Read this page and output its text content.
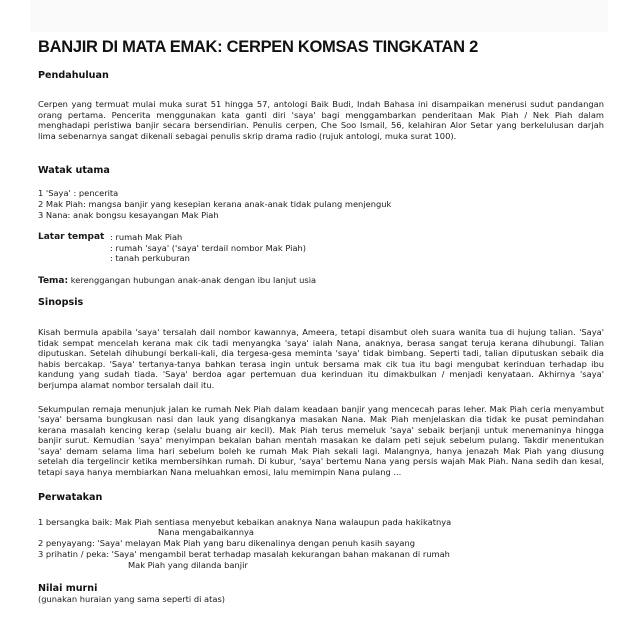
BANJIR DI MATA EMAK: CERPEN KOMSAS TINGKATAN 2

Pendahuluan

Cerpen yang termuat mulai muka surat 51 hingga 57, antologi Baik Budi, Indah Bahasa ini disampaikan menerusi sudut pandangan orang pertama. Pencerita menggunakan kata ganti diri 'saya' bagi menggambarkan penderitaan Mak Piah / Nek Piah dalam menghadapi peristiwa banjir secara bersendirian. Penulis cerpen, Che Soo Ismail, 56, kelahiran Alor Setar yang berkelulusan darjah lima sebenarnya sangat dikenali sebagai penulis skrip drama radio (rujuk antologi, muka surat 100).

Watak utama

1 'Saya' : pencerita

2 Mak Piah: mangsa banjir yang kesepian kerana anak-anak tidak pulang menjenguk

3 Nana: anak bongsu kesayangan Mak Piah

Latar tempat : rumah Mak Piah
: rumah 'saya' ('saya' terdail nombor Mak Piah)
: tanah perkuburan

Tema: kerenggangan hubungan anak-anak dengan ibu lanjut usia

Sinopsis

Kisah bermula apabila 'saya' tersalah dail nombor kawannya, Ameera, tetapi disambut oleh suara wanita tua di hujung talian. 'Saya' tidak sempat mencelah kerana mak cik tadi menyangka 'saya' ialah Nana, anaknya, berasa sangat teruja kerana dihubungi. Talian diputuskan. Setelah dihubungi berkali-kali, dia tergesa-gesa meminta 'saya' tidak bimbang. Seperti tadi, talian diputuskan sebaik dia habis bercakap. 'Saya' tertanya-tanya bahkan terasa ingin untuk bersama mak cik tua itu bagi mengubat kerinduan terhadap ibu kandung yang sudah tiada. 'Saya' berdoa agar pertemuan dua kerinduan itu dimakbulkan / menjadi kenyataan. Akhirnya 'saya' berjumpa alamat nombor tersalah dail itu.

Sekumpulan remaja menunjuk jalan ke rumah Nek Piah dalam keadaan banjir yang mencecah paras leher. Mak Piah ceria menyambut 'saya' bersama bungkusan nasi dan lauk yang disangkanya masakan Nana. Mak Piah menjelaskan dia tidak ke pusat pemindahan kerana masalah kencing kerap (selalu buang air kecil). Mak Piah terus memeluk 'saya' sebaik berjanji untuk menemaninya hingga banjir surut. Kemudian 'saya' menyimpan bekalan bahan mentah masakan ke dalam peti sejuk sebelum pulang. Takdir menentukan 'saya' demam selama lima hari sebelum boleh ke rumah Mak Piah sekali lagi. Malangnya, hanya jenazah Mak Piah yang diusung setelah dia tergelincir ketika membersihkan rumah. Di kubur, 'saya' bertemu Nana yang persis wajah Mak Piah. Nana sedih dan kesal, tetapi saya hanya membiarkan Nana meluahkan emosi, lalu memimpin Nana pulang ...

Perwatakan

1 bersangka baik: Mak Piah sentiasa menyebut kebaikan anaknya Nana walaupun pada hakikatnya

Nana mengabaikannya

2 penyayang: 'Saya' melayan Mak Piah yang baru dikenalinya dengan penuh kasih sayang

3 prihatin / peka: 'Saya' mengambil berat terhadap masalah kekurangan bahan makanan di rumah

Mak Piah yang dilanda banjir

Nilai murni

(gunakan huraian yang sama seperti di atas)
